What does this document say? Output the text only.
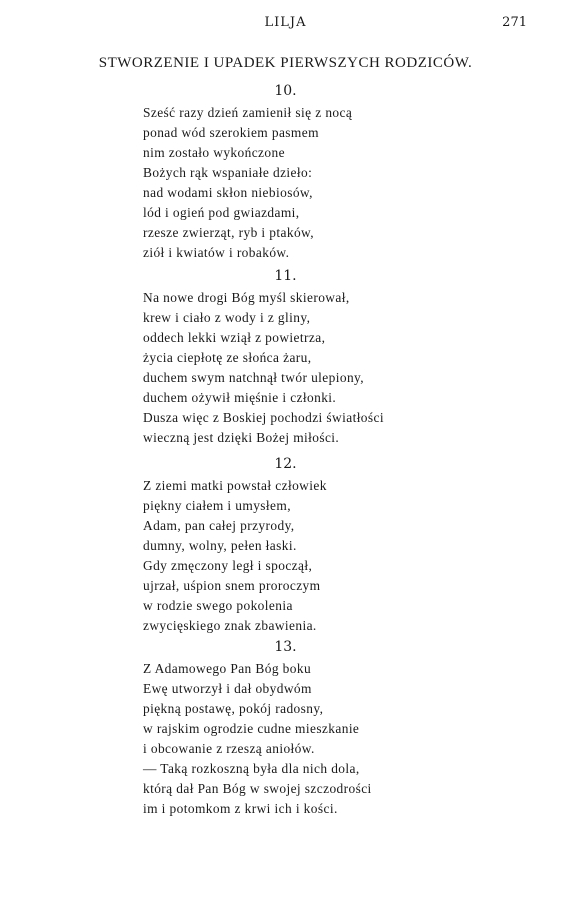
LILJA	271
STWORZENIE I UPADEK PIERWSZYCH RODZICÓW.
10.
Sześć razy dzień zamienił się z nocą
ponad wód szerokiem pasmem
nim zostało wykończone
Bożych rąk wspaniałe dzieło:
nad wodami skłon niebiosów,
lód i ogień pod gwiazdami,
rzesze zwierząt, ryb i ptaków,
ziół i kwiatów i robaków.
11.
Na nowe drogi Bóg myśl skierował,
krew i ciało z wody i z gliny,
oddech lekki wziął z powietrza,
życia ciepłotę ze słońca żaru,
duchem swym natchnął twór ulepiony,
duchem ożywił mięśnie i członki.
Dusza więc z Boskiej pochodzi światłości
wieczną jest dzięki Bożej miłości.
12.
Z ziemi matki powstał człowiek
piękny ciałem i umysłem,
Adam, pan całej przyrody,
dumny, wolny, pełen łaski.
Gdy zmęczony legł i spoczął,
ujrzał, uśpion snem proroczym
w rodzie swego pokolenia
zwycięskiego znak zbawienia.
13.
Z Adamowego Pan Bóg boku
Ewę utworzył i dał obydwóm
piękną postawę, pokój radosny,
w rajskim ogrodzie cudne mieszkanie
i obcowanie z rzeszą aniołów.
— Taką rozkoszną była dla nich dola,
którą dał Pan Bóg w swojej szczodrości
im i potomkom z krwi ich i kości.
